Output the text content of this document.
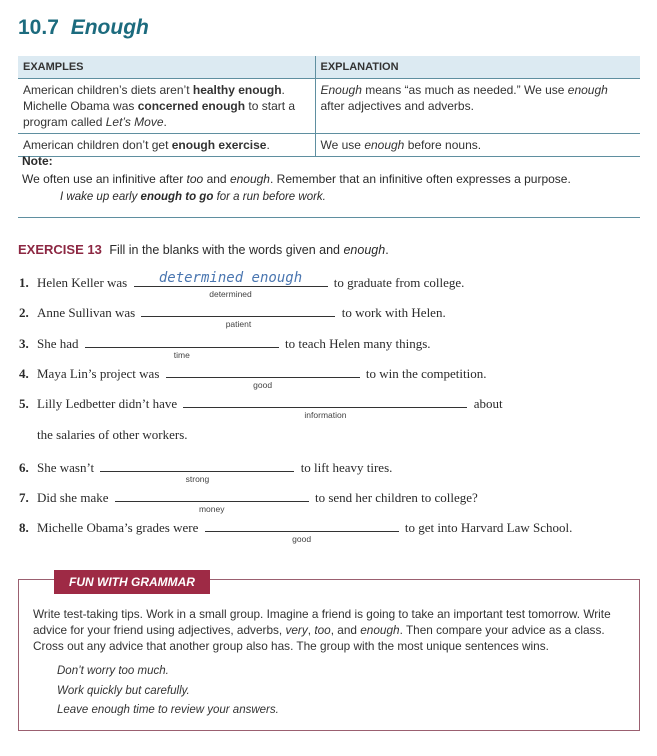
10.7 Enough
EXAMPLES	EXPLANATION
American children’s diets aren’t healthy enough.
Michelle Obama was concerned enough to start a program called Let’s Move.	Enough means “as much as needed.” We use enough after adjectives and adverbs.
American children don’t get enough exercise.	We use enough before nouns.
Note:
We often use an infinitive after too and enough. Remember that an infinitive often expresses a purpose.
I wake up early enough to go for a run before work.
EXERCISE 13 Fill in the blanks with the words given and enough.
1. Helen Keller was	determined enough
determined
to graduate from college.
2. Anne Sullivan was
patient
to work with Helen.
3. She had
time
to teach Helen many things.
4. Maya Lin’s project was
good
to win the competition.
5. Lilly Ledbetter didn’t have
information
about
the salaries of other workers.
6. She wasn’t
strong
to lift heavy tires.
7. Did she make
money
to send her children to college?
8. Michelle Obama’s grades were
good
to get into Harvard Law School.
FUN WITH GRAMMAR
Write test-taking tips. Work in a small group. Imagine a friend is going to take an important test tomorrow. Write advice for your friend using adjectives, adverbs, very, too, and enough. Then compare your advice as a class. Cross out any advice that another group also has. The group with the most unique sentences wins.
Don’t worry too much.
Work quickly but carefully.
Leave enough time to review your answers.
